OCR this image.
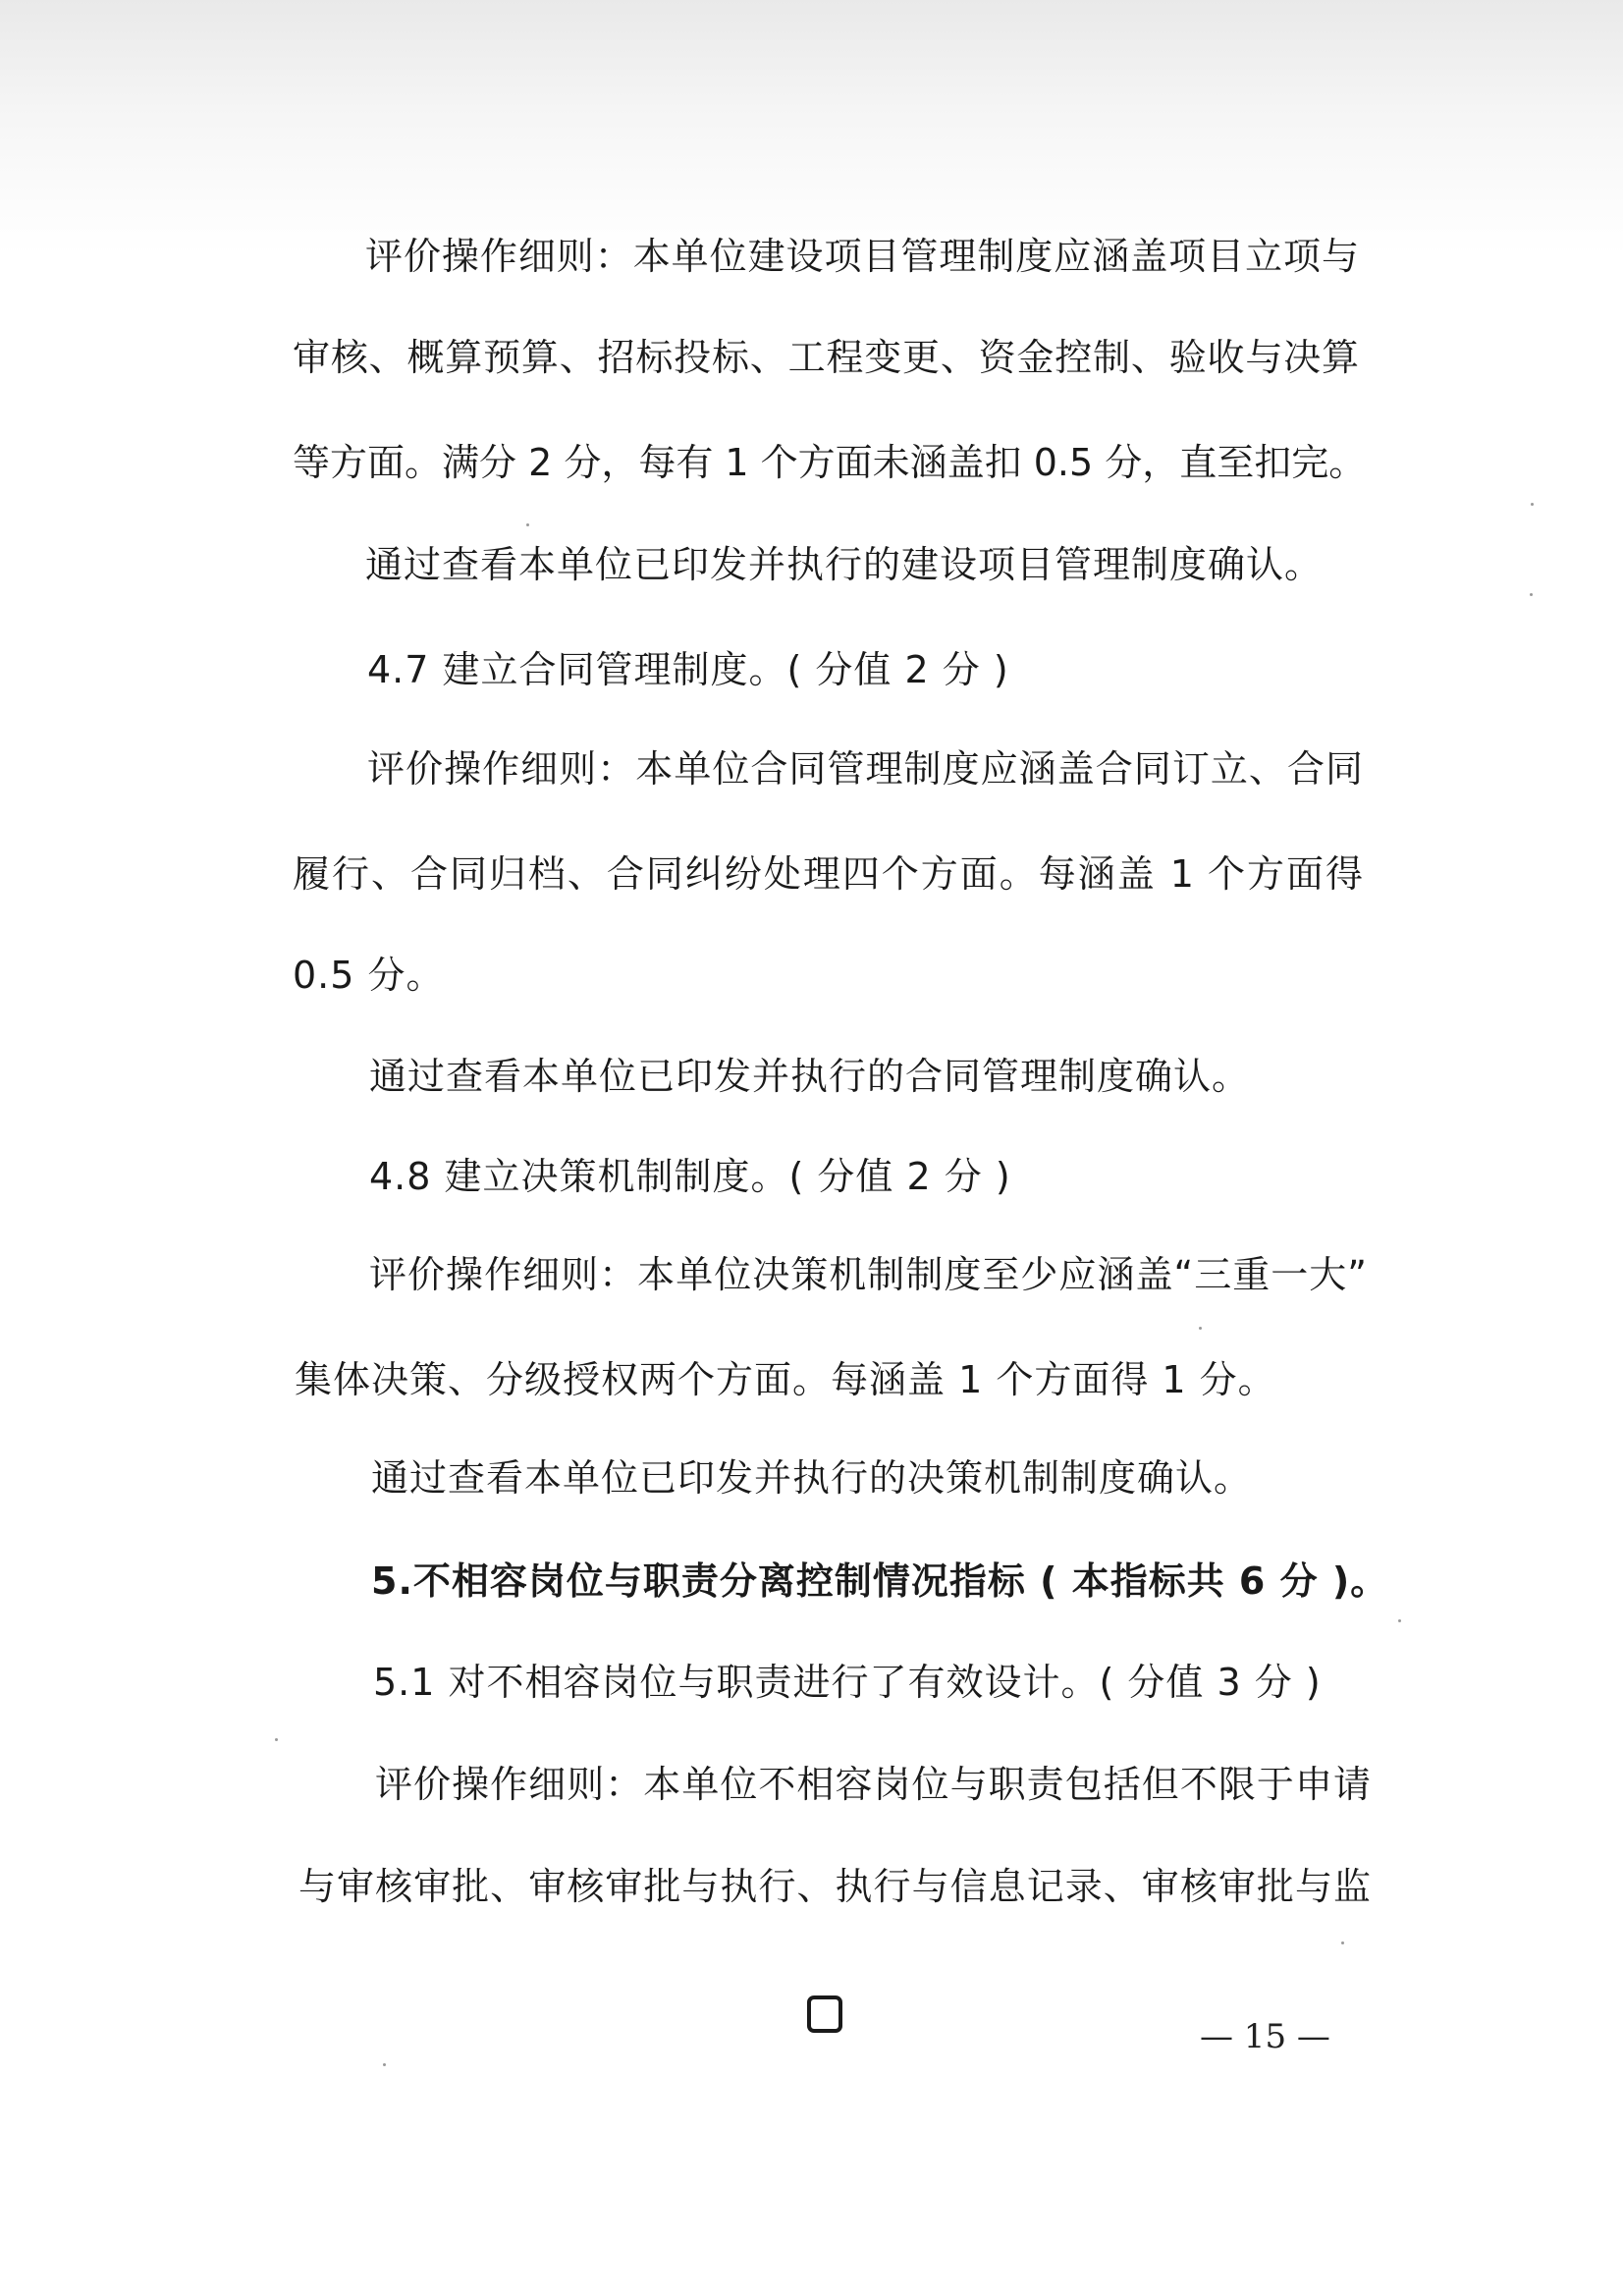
评价操作细则：本单位建设项目管理制度应涵盖项目立项与
审核、概算预算、招标投标、工程变更、资金控制、验收与决算
等方面。满分 2 分，每有 1 个方面未涵盖扣 0.5 分，直至扣完。
通过查看本单位已印发并执行的建设项目管理制度确认。
4.7 建立合同管理制度。( 分值 2 分 )
评价操作细则：本单位合同管理制度应涵盖合同订立、合同
履行、合同归档、合同纠纷处理四个方面。每涵盖 1 个方面得
0.5 分。
通过查看本单位已印发并执行的合同管理制度确认。
4.8 建立决策机制制度。( 分值 2 分 )
评价操作细则：本单位决策机制制度至少应涵盖“三重一大”
集体决策、分级授权两个方面。每涵盖 1 个方面得 1 分。
通过查看本单位已印发并执行的决策机制制度确认。
5.不相容岗位与职责分离控制情况指标 ( 本指标共 6 分 )。
5.1 对不相容岗位与职责进行了有效设计。( 分值 3 分 )
评价操作细则：本单位不相容岗位与职责包括但不限于申请
与审核审批、审核审批与执行、执行与信息记录、审核审批与监
— 15 —
